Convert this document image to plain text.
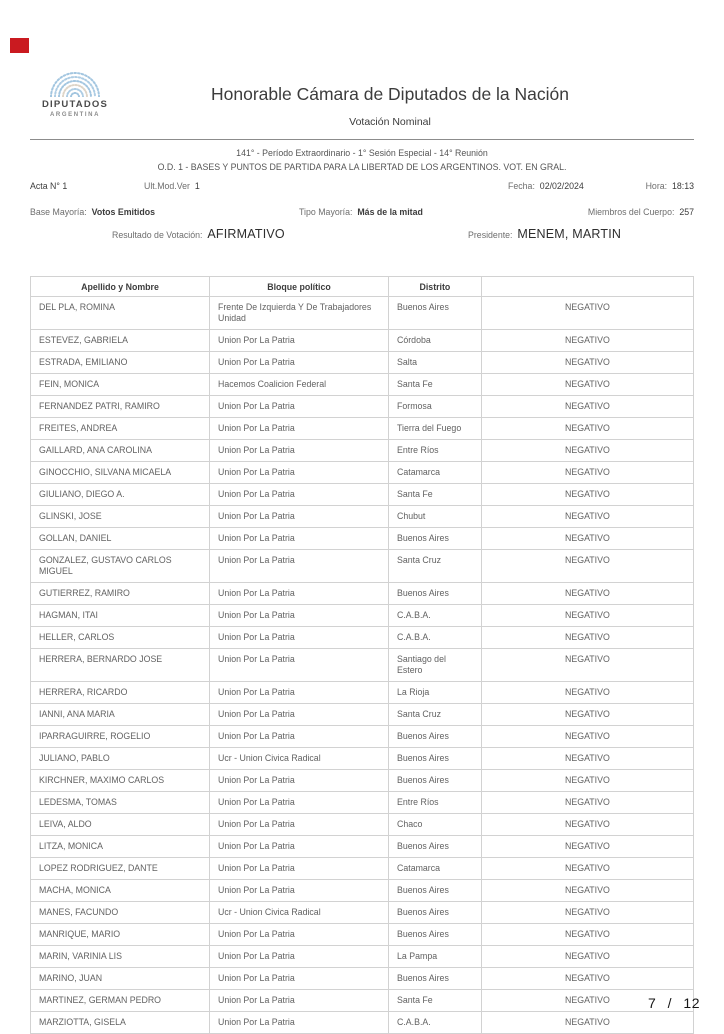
DIPUTADOS
ARGENTINA
Honorable Cámara de Diputados de la Nación
Votación Nominal
141° - Período Extraordinario - 1° Sesión Especial - 14° Reunión
O.D. 1 - BASES Y PUNTOS DE PARTIDA PARA LA LIBERTAD DE LOS ARGENTINOS. VOT. EN GRAL.
Acta N° 1	Ult.Mod.Ver 1	Fecha: 02/02/2024	Hora: 18:13
Base Mayoría: Votos Emitidos	Tipo Mayoría: Más de la mitad	Miembros del Cuerpo: 257
Resultado de Votación: AFIRMATIVO	Presidente: MENEM, MARTIN
Apellido y Nombre	Bloque político	Distrito	
DEL PLA, ROMINA	Frente De Izquierda Y De Trabajadores Unidad	Buenos Aires	NEGATIVO
ESTEVEZ, GABRIELA	Union Por La Patria	Córdoba	NEGATIVO
ESTRADA, EMILIANO	Union Por La Patria	Salta	NEGATIVO
FEIN, MONICA	Hacemos Coalicion Federal	Santa Fe	NEGATIVO
FERNANDEZ PATRI, RAMIRO	Union Por La Patria	Formosa	NEGATIVO
FREITES, ANDREA	Union Por La Patria	Tierra del Fuego	NEGATIVO
GAILLARD, ANA CAROLINA	Union Por La Patria	Entre Ríos	NEGATIVO
GINOCCHIO, SILVANA MICAELA	Union Por La Patria	Catamarca	NEGATIVO
GIULIANO, DIEGO A.	Union Por La Patria	Santa Fe	NEGATIVO
GLINSKI, JOSE	Union Por La Patria	Chubut	NEGATIVO
GOLLAN, DANIEL	Union Por La Patria	Buenos Aires	NEGATIVO
GONZALEZ, GUSTAVO CARLOS MIGUEL	Union Por La Patria	Santa Cruz	NEGATIVO
GUTIERREZ, RAMIRO	Union Por La Patria	Buenos Aires	NEGATIVO
HAGMAN, ITAI	Union Por La Patria	C.A.B.A.	NEGATIVO
HELLER, CARLOS	Union Por La Patria	C.A.B.A.	NEGATIVO
HERRERA, BERNARDO JOSE	Union Por La Patria	Santiago del Estero	NEGATIVO
HERRERA, RICARDO	Union Por La Patria	La Rioja	NEGATIVO
IANNI, ANA MARIA	Union Por La Patria	Santa Cruz	NEGATIVO
IPARRAGUIRRE, ROGELIO	Union Por La Patria	Buenos Aires	NEGATIVO
JULIANO, PABLO	Ucr - Union Civica Radical	Buenos Aires	NEGATIVO
KIRCHNER, MAXIMO CARLOS	Union Por La Patria	Buenos Aires	NEGATIVO
LEDESMA, TOMAS	Union Por La Patria	Entre Ríos	NEGATIVO
LEIVA, ALDO	Union Por La Patria	Chaco	NEGATIVO
LITZA, MONICA	Union Por La Patria	Buenos Aires	NEGATIVO
LOPEZ RODRIGUEZ, DANTE	Union Por La Patria	Catamarca	NEGATIVO
MACHA, MONICA	Union Por La Patria	Buenos Aires	NEGATIVO
MANES, FACUNDO	Ucr - Union Civica Radical	Buenos Aires	NEGATIVO
MANRIQUE, MARIO	Union Por La Patria	Buenos Aires	NEGATIVO
MARIN, VARINIA LIS	Union Por La Patria	La Pampa	NEGATIVO
MARINO, JUAN	Union Por La Patria	Buenos Aires	NEGATIVO
MARTINEZ, GERMAN PEDRO	Union Por La Patria	Santa Fe	NEGATIVO
MARZIOTTA, GISELA	Union Por La Patria	C.A.B.A.	NEGATIVO
7 / 12
